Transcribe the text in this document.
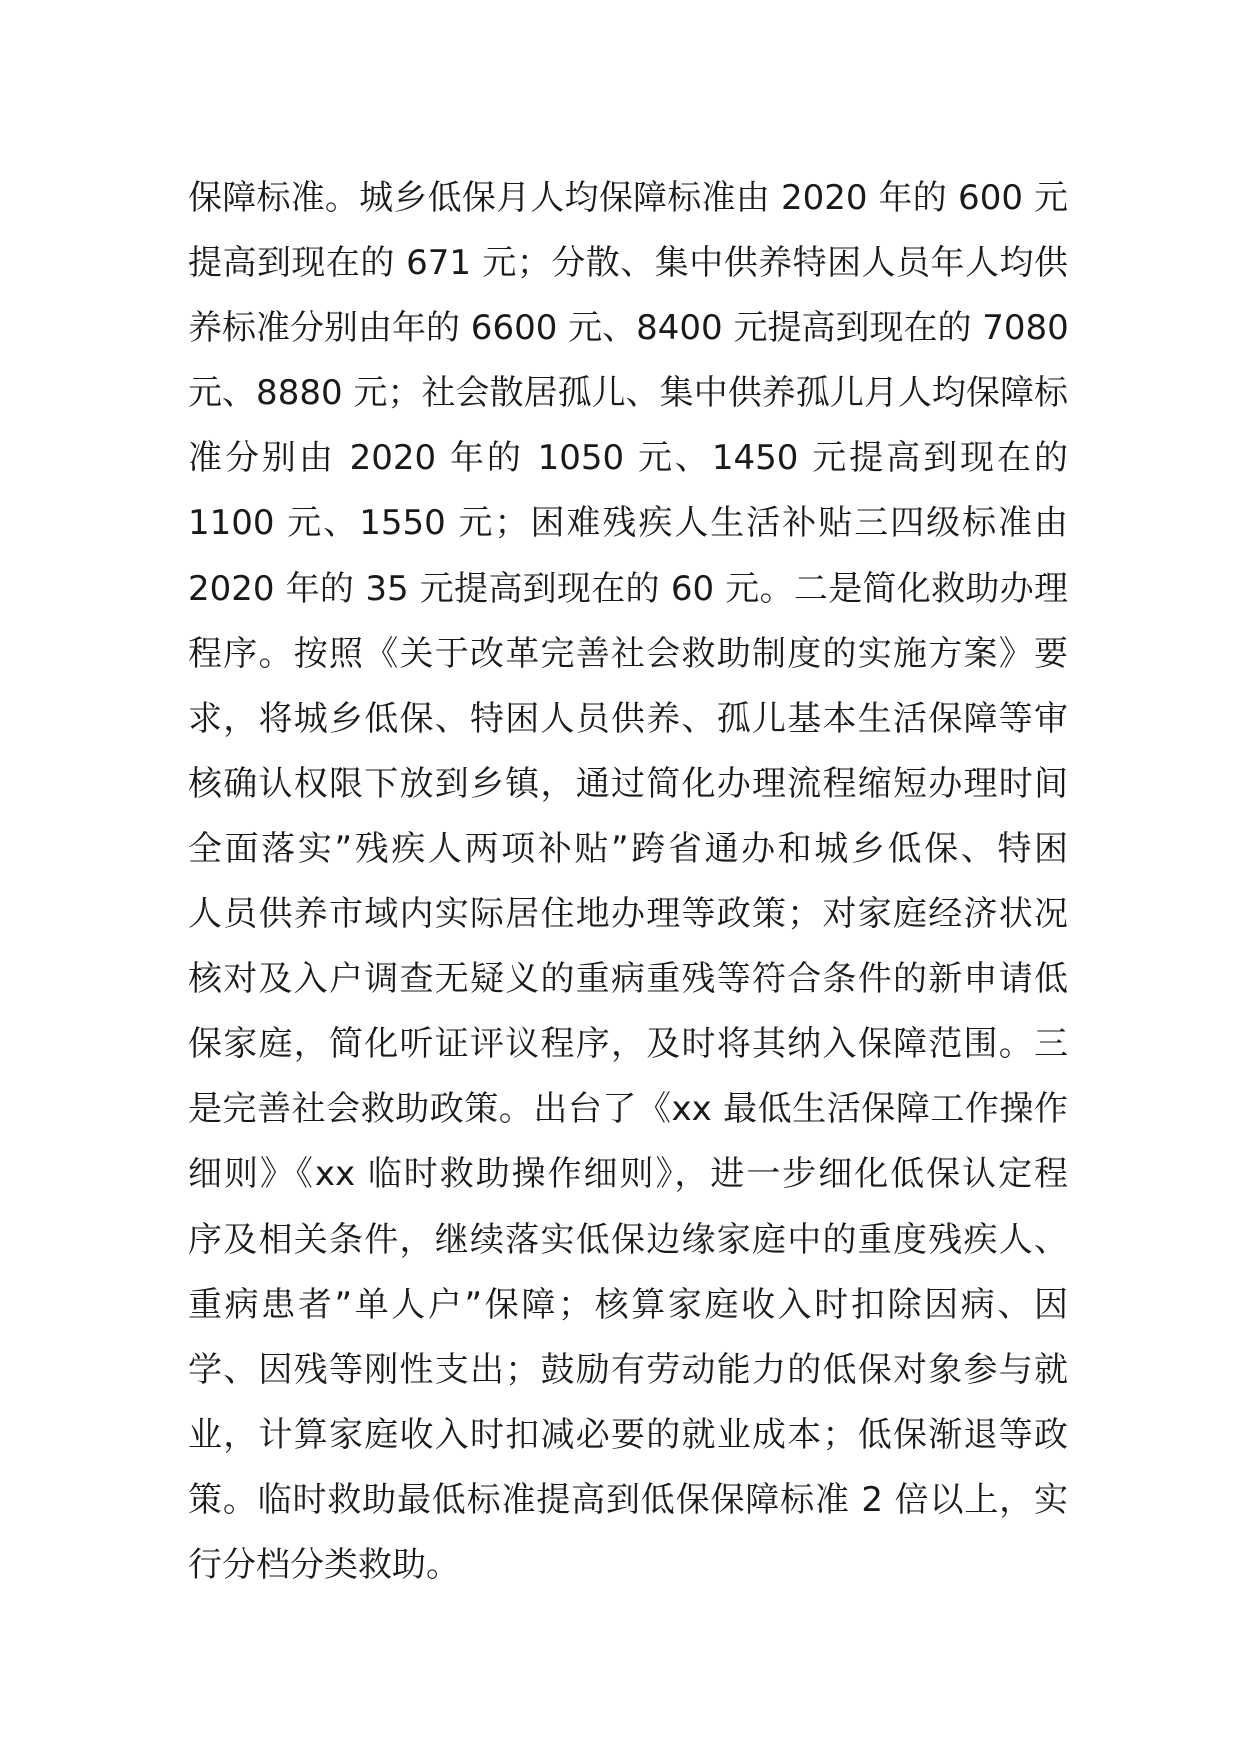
保障标准。城乡低保月人均保障标准由 2020 年的 600 元
提高到现在的 671 元；分散、集中供养特困人员年人均供
养标准分别由年的 6600 元、8400 元提高到现在的 7080
元、8880 元；社会散居孤儿、集中供养孤儿月人均保障标
准分别由 2020 年的 1050 元、1450 元提高到现在的
1100 元、1550 元；困难残疾人生活补贴三四级标准由
2020 年的 35 元提高到现在的 60 元。二是简化救助办理
程序。按照《关于改革完善社会救助制度的实施方案》要
求，将城乡低保、特困人员供养、孤儿基本生活保障等审
核确认权限下放到乡镇，通过简化办理流程缩短办理时间
全面落实”残疾人两项补贴”跨省通办和城乡低保、特困
人员供养市域内实际居住地办理等政策；对家庭经济状况
核对及入户调查无疑义的重病重残等符合条件的新申请低
保家庭，简化听证评议程序，及时将其纳入保障范围。三
是完善社会救助政策。出台了《xx 最低生活保障工作操作
细则》《xx 临时救助操作细则》，进一步细化低保认定程
序及相关条件，继续落实低保边缘家庭中的重度残疾人、
重病患者”单人户”保障；核算家庭收入时扣除因病、因
学、因残等刚性支出；鼓励有劳动能力的低保对象参与就
业，计算家庭收入时扣减必要的就业成本；低保渐退等政
策。临时救助最低标准提高到低保保障标准 2 倍以上，实
行分档分类救助。
